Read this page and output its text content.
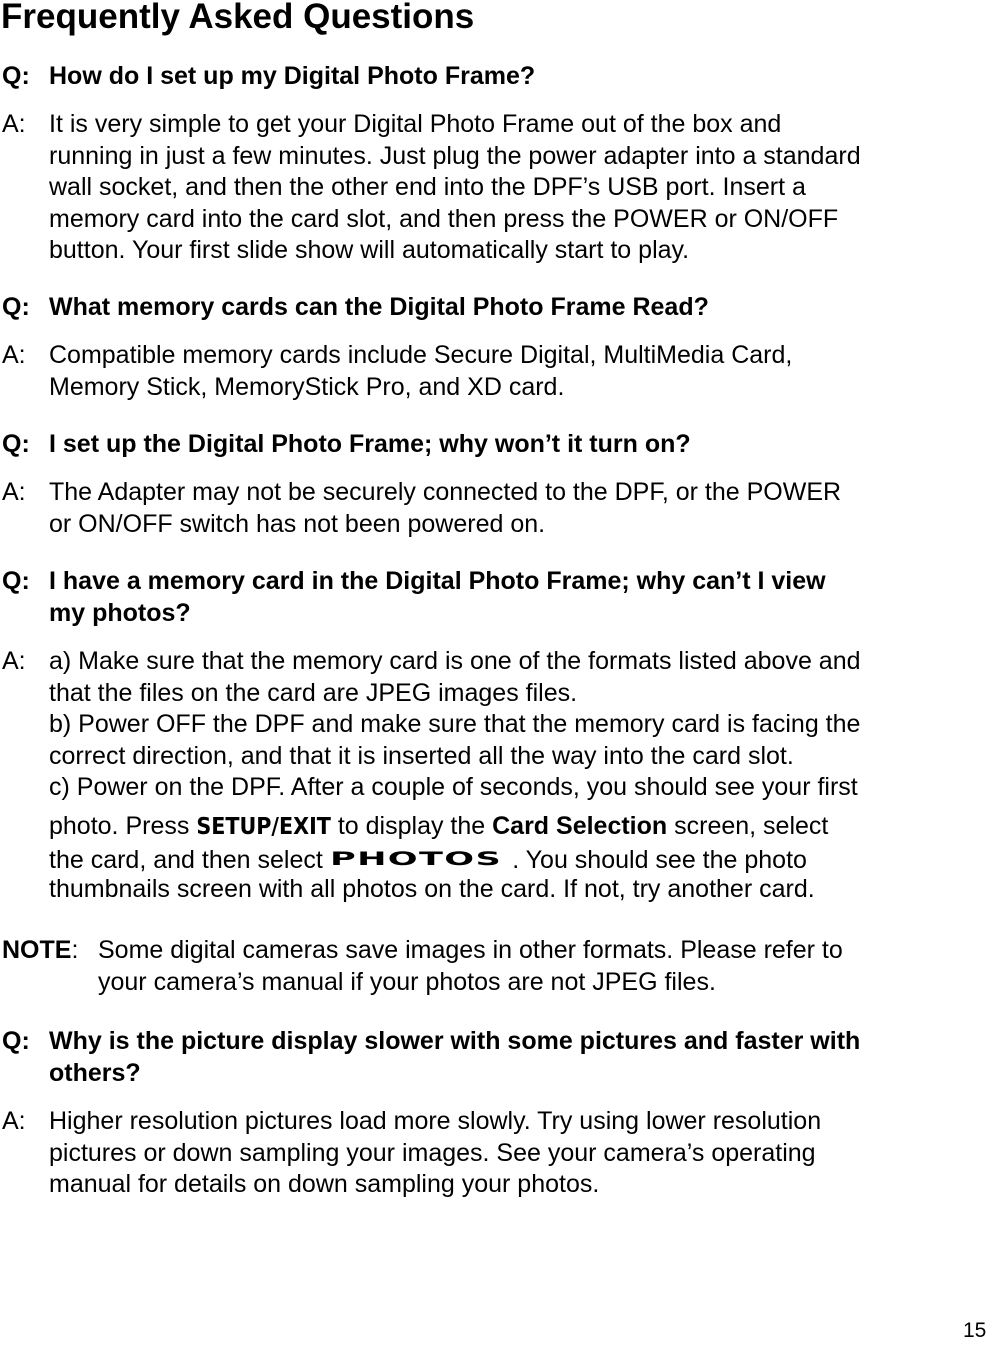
Frequently Asked Questions
Q: How do I set up my Digital Photo Frame?
A: It is very simple to get your Digital Photo Frame out of the box and
running in just a few minutes. Just plug the power adapter into a standard
wall socket, and then the other end into the DPF’s USB port. Insert a
memory card into the card slot, and then press the POWER or ON/OFF
button. Your first slide show will automatically start to play.
Q: What memory cards can the Digital Photo Frame Read?
A: Compatible memory cards include Secure Digital, MultiMedia Card,
Memory Stick, MemoryStick Pro, and XD card.
Q: I set up the Digital Photo Frame; why won’t it turn on?
A: The Adapter may not be securely connected to the DPF, or the POWER
or ON/OFF switch has not been powered on.
Q: I have a memory card in the Digital Photo Frame; why can’t I view
my photos?
A: a) Make sure that the memory card is one of the formats listed above and
that the files on the card are JPEG images files.
b) Power OFF the DPF and make sure that the memory card is facing the
correct direction, and that it is inserted all the way into the card slot.
c) Power on the DPF. After a couple of seconds, you should see your first
photo. Press SETUP/EXIT to display the Card Selection screen, select
the card, and then select PHOTOS . You should see the photo
thumbnails screen with all photos on the card. If not, try another card.
NOTE: Some digital cameras save images in other formats. Please refer to
your camera’s manual if your photos are not JPEG files.
Q: Why is the picture display slower with some pictures and faster with
others?
A: Higher resolution pictures load more slowly. Try using lower resolution
pictures or down sampling your images. See your camera’s operating
manual for details on down sampling your photos.
15
